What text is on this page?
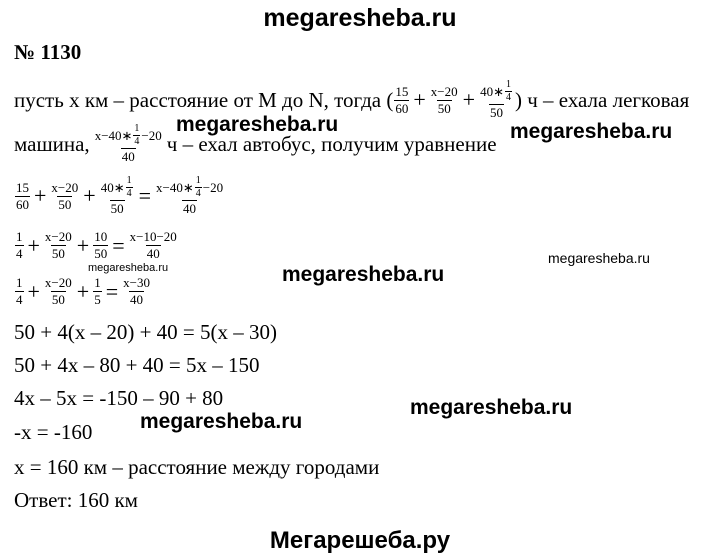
megaresheba.ru
№ 1130
пусть х км – расстояние от М до N, тогда ( $\frac{15}{60} + \frac{x-20}{50} + \frac{40∗ \frac{1}{4}}{50}$ ) ч – ехала легковая
машина, $\frac{x-40∗ \frac{1}{4} -20}{40}$ ч – ехал автобус, получим уравнение
$\frac{15}{60} + \frac{x-20}{50} + \frac{40∗ \frac{1}{4}}{50} = \frac{x-40∗ \frac{1}{4} -20}{40}$
$\frac{1}{4} + \frac{x-20}{50} + \frac{10}{50} = \frac{x-10-20}{40}$
$\frac{1}{4} + \frac{x-20}{50} + \frac{1}{5} = \frac{x-30}{40}$
50 + 4(х – 20) + 40 = 5(х – 30)
50 + 4х – 80 + 40 = 5х – 150
4х – 5х = -150 – 90 + 80
-х = -160
х = 160 км – расстояние между городами
Ответ: 160 км
megaresheba.ru	megaresheba.ru
megaresheba.ru
megaresheba.ru	megaresheba.ru
megaresheba.ru
megaresheba.ru
Мегарешеба.ру
